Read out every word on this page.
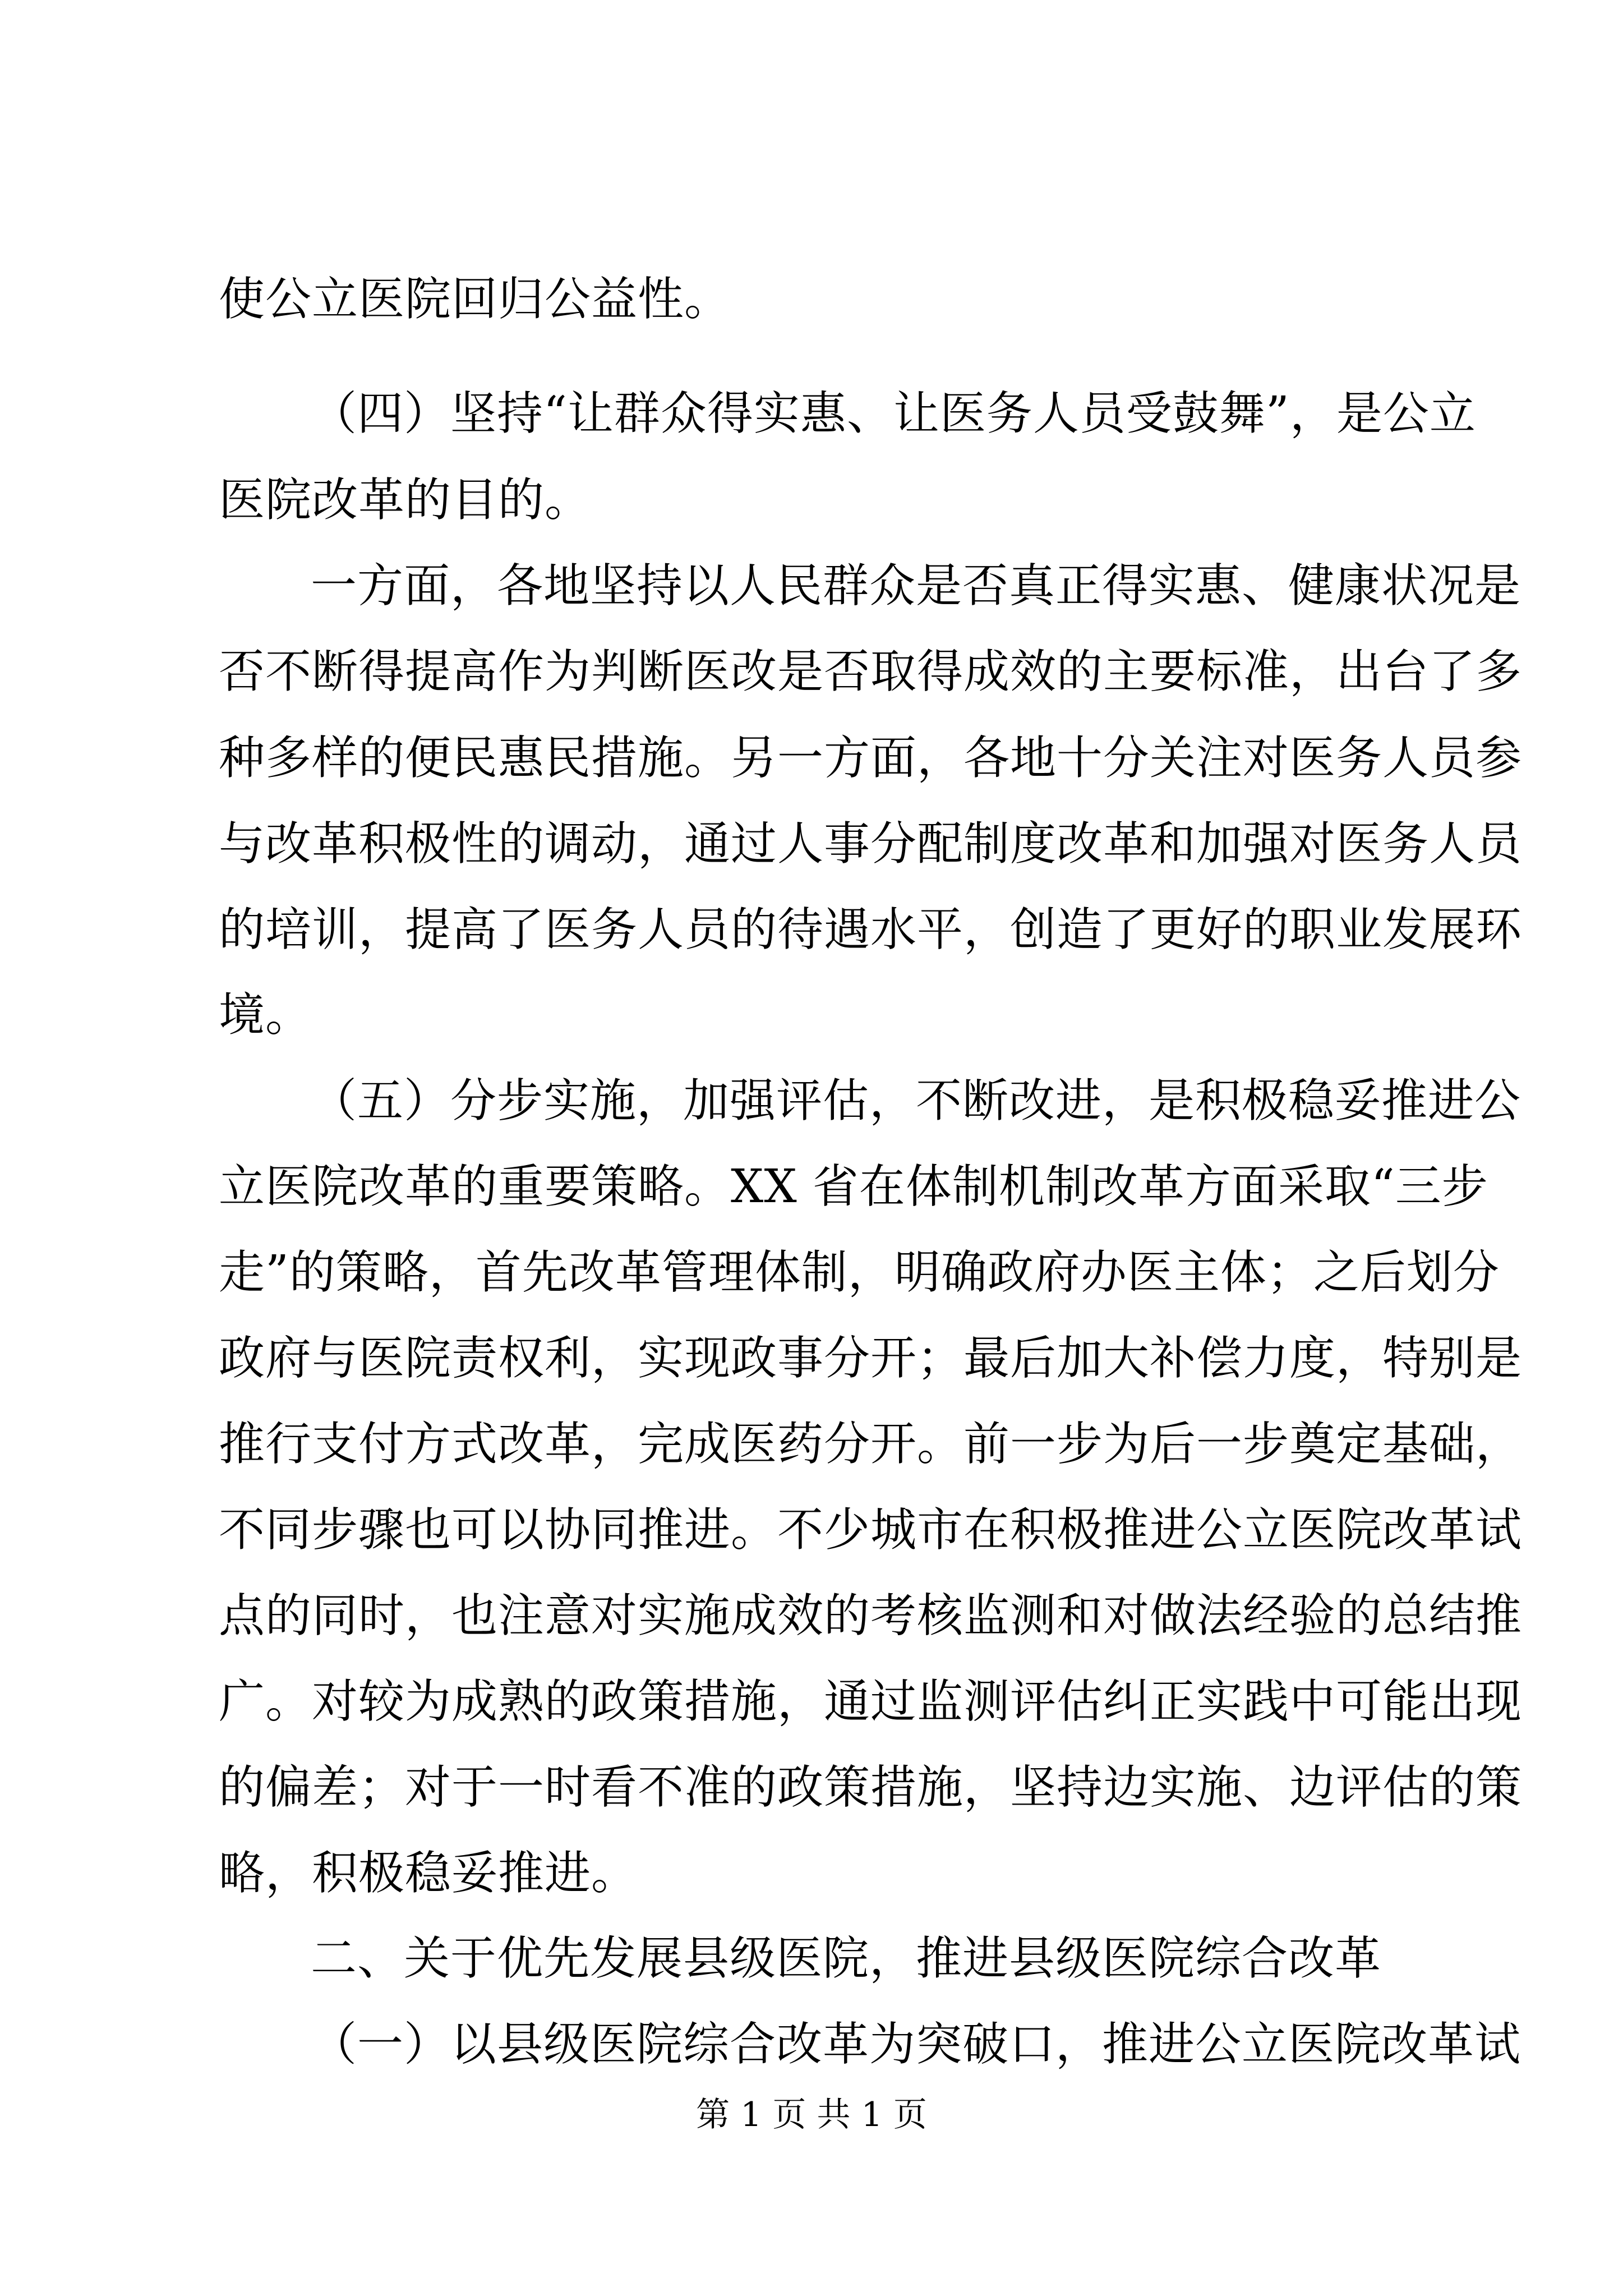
使公立医院回归公益性。
（四）坚持“让群众得实惠、让医务人员受鼓舞”，是公立
医院改革的目的。
一方面，各地坚持以人民群众是否真正得实惠、健康状况是
否不断得提高作为判断医改是否取得成效的主要标准，出台了多
种多样的便民惠民措施。另一方面，各地十分关注对医务人员参
与改革积极性的调动，通过人事分配制度改革和加强对医务人员
的培训，提高了医务人员的待遇水平，创造了更好的职业发展环
境。
（五）分步实施，加强评估，不断改进，是积极稳妥推进公
立医院改革的重要策略。XX 省在体制机制改革方面采取“三步
走”的策略，首先改革管理体制，明确政府办医主体；之后划分
政府与医院责权利，实现政事分开；最后加大补偿力度，特别是
推行支付方式改革，完成医药分开。前一步为后一步奠定基础，
不同步骤也可以协同推进。不少城市在积极推进公立医院改革试
点的同时，也注意对实施成效的考核监测和对做法经验的总结推
广。对较为成熟的政策措施，通过监测评估纠正实践中可能出现
的偏差；对于一时看不准的政策措施，坚持边实施、边评估的策
略，积极稳妥推进。
二、关于优先发展县级医院，推进县级医院综合改革
（一）以县级医院综合改革为突破口，推进公立医院改革试
第 1 页 共 1 页
